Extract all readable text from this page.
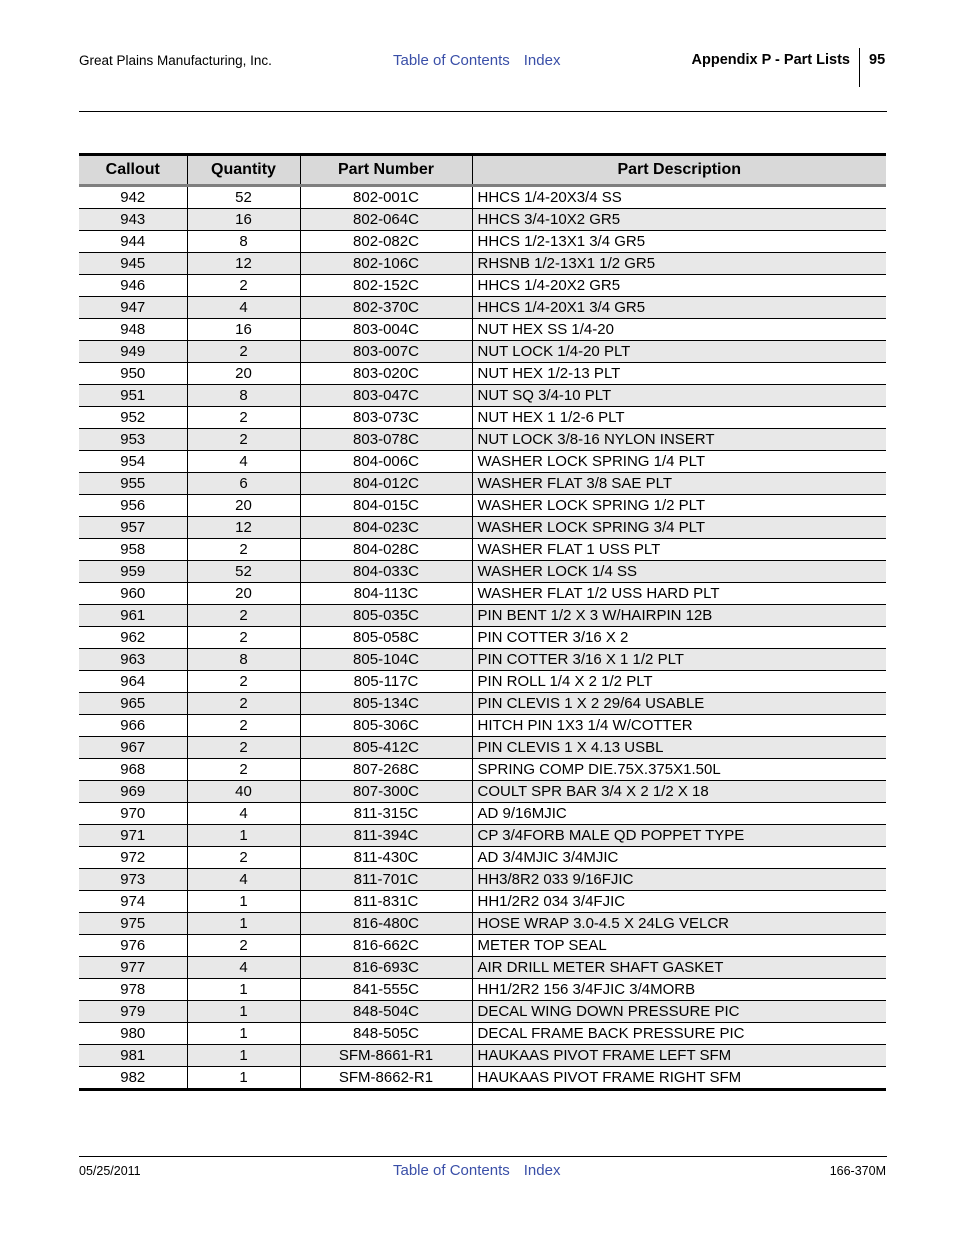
Great Plains Manufacturing, Inc.	Table of Contents Index	Appendix P - Part Lists 95
Callout	Quantity	Part Number	Part Description
942	52	802-001C	HHCS 1/4-20X3/4 SS
943	16	802-064C	HHCS 3/4-10X2 GR5
944	8	802-082C	HHCS 1/2-13X1 3/4 GR5
945	12	802-106C	RHSNB 1/2-13X1 1/2 GR5
946	2	802-152C	HHCS 1/4-20X2 GR5
947	4	802-370C	HHCS 1/4-20X1 3/4 GR5
948	16	803-004C	NUT HEX SS 1/4-20
949	2	803-007C	NUT LOCK 1/4-20 PLT
950	20	803-020C	NUT HEX 1/2-13 PLT
951	8	803-047C	NUT SQ 3/4-10 PLT
952	2	803-073C	NUT HEX 1 1/2-6 PLT
953	2	803-078C	NUT LOCK 3/8-16 NYLON INSERT
954	4	804-006C	WASHER LOCK SPRING 1/4 PLT
955	6	804-012C	WASHER FLAT 3/8 SAE PLT
956	20	804-015C	WASHER LOCK SPRING 1/2 PLT
957	12	804-023C	WASHER LOCK SPRING 3/4 PLT
958	2	804-028C	WASHER FLAT 1 USS PLT
959	52	804-033C	WASHER LOCK 1/4 SS
960	20	804-113C	WASHER FLAT 1/2 USS HARD PLT
961	2	805-035C	PIN BENT 1/2 X 3 W/HAIRPIN 12B
962	2	805-058C	PIN COTTER 3/16 X 2
963	8	805-104C	PIN COTTER 3/16 X 1 1/2 PLT
964	2	805-117C	PIN ROLL 1/4 X 2 1/2 PLT
965	2	805-134C	PIN CLEVIS 1 X 2 29/64 USABLE
966	2	805-306C	HITCH PIN 1X3 1/4 W/COTTER
967	2	805-412C	PIN CLEVIS 1 X 4.13 USBL
968	2	807-268C	SPRING COMP DIE.75X.375X1.50L
969	40	807-300C	COULT SPR BAR 3/4 X 2 1/2 X 18
970	4	811-315C	AD 9/16MJIC
971	1	811-394C	CP 3/4FORB MALE QD POPPET TYPE
972	2	811-430C	AD 3/4MJIC 3/4MJIC
973	4	811-701C	HH3/8R2 033 9/16FJIC
974	1	811-831C	HH1/2R2 034 3/4FJIC
975	1	816-480C	HOSE WRAP 3.0-4.5 X 24LG VELCR
976	2	816-662C	METER TOP SEAL
977	4	816-693C	AIR DRILL METER SHAFT GASKET
978	1	841-555C	HH1/2R2 156 3/4FJIC 3/4MORB
979	1	848-504C	DECAL WING DOWN PRESSURE PIC
980	1	848-505C	DECAL FRAME BACK PRESSURE PIC
981	1	SFM-8661-R1	HAUKAAS PIVOT FRAME LEFT SFM
982	1	SFM-8662-R1	HAUKAAS PIVOT FRAME RIGHT SFM
05/25/2011	Table of Contents Index	166-370M
